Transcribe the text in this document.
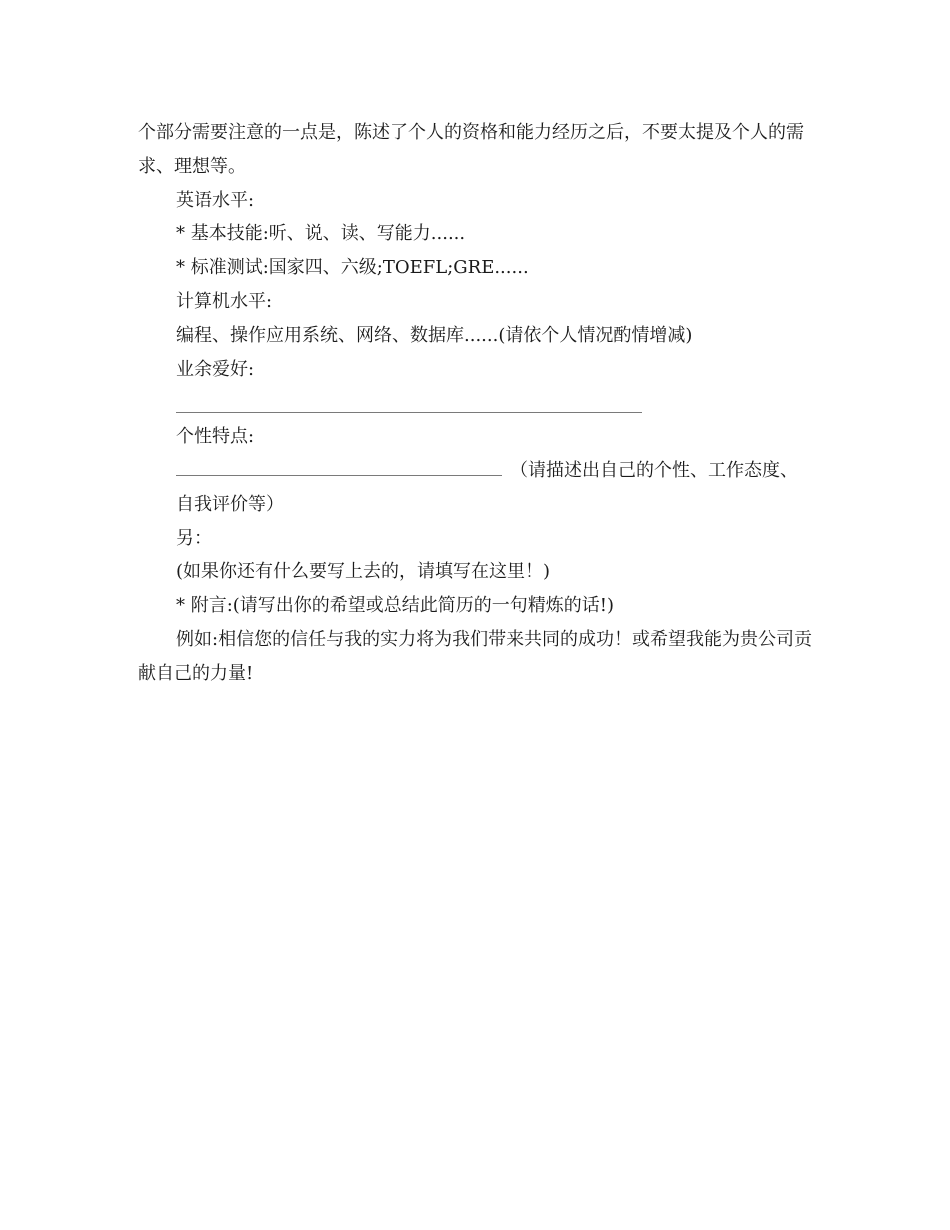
个部分需要注意的一点是，陈述了个人的资格和能力经历之后，不要太提及个人的需求、理想等。

英语水平:

* 基本技能:听、说、读、写能力......

* 标准测试:国家四、六级;TOEFL;GRE......

计算机水平:

编程、操作应用系统、网络、数据库......(请依个人情况酌情增减)

业余爱好:

个性特点:

（请描述出自己的个性、工作态度、自我评价等）

另：

(如果你还有什么要写上去的，请填写在这里！)

* 附言:(请写出你的希望或总结此简历的一句精炼的话!)

例如:相信您的信任与我的实力将为我们带来共同的成功！或希望我能为贵公司贡献自己的力量!
